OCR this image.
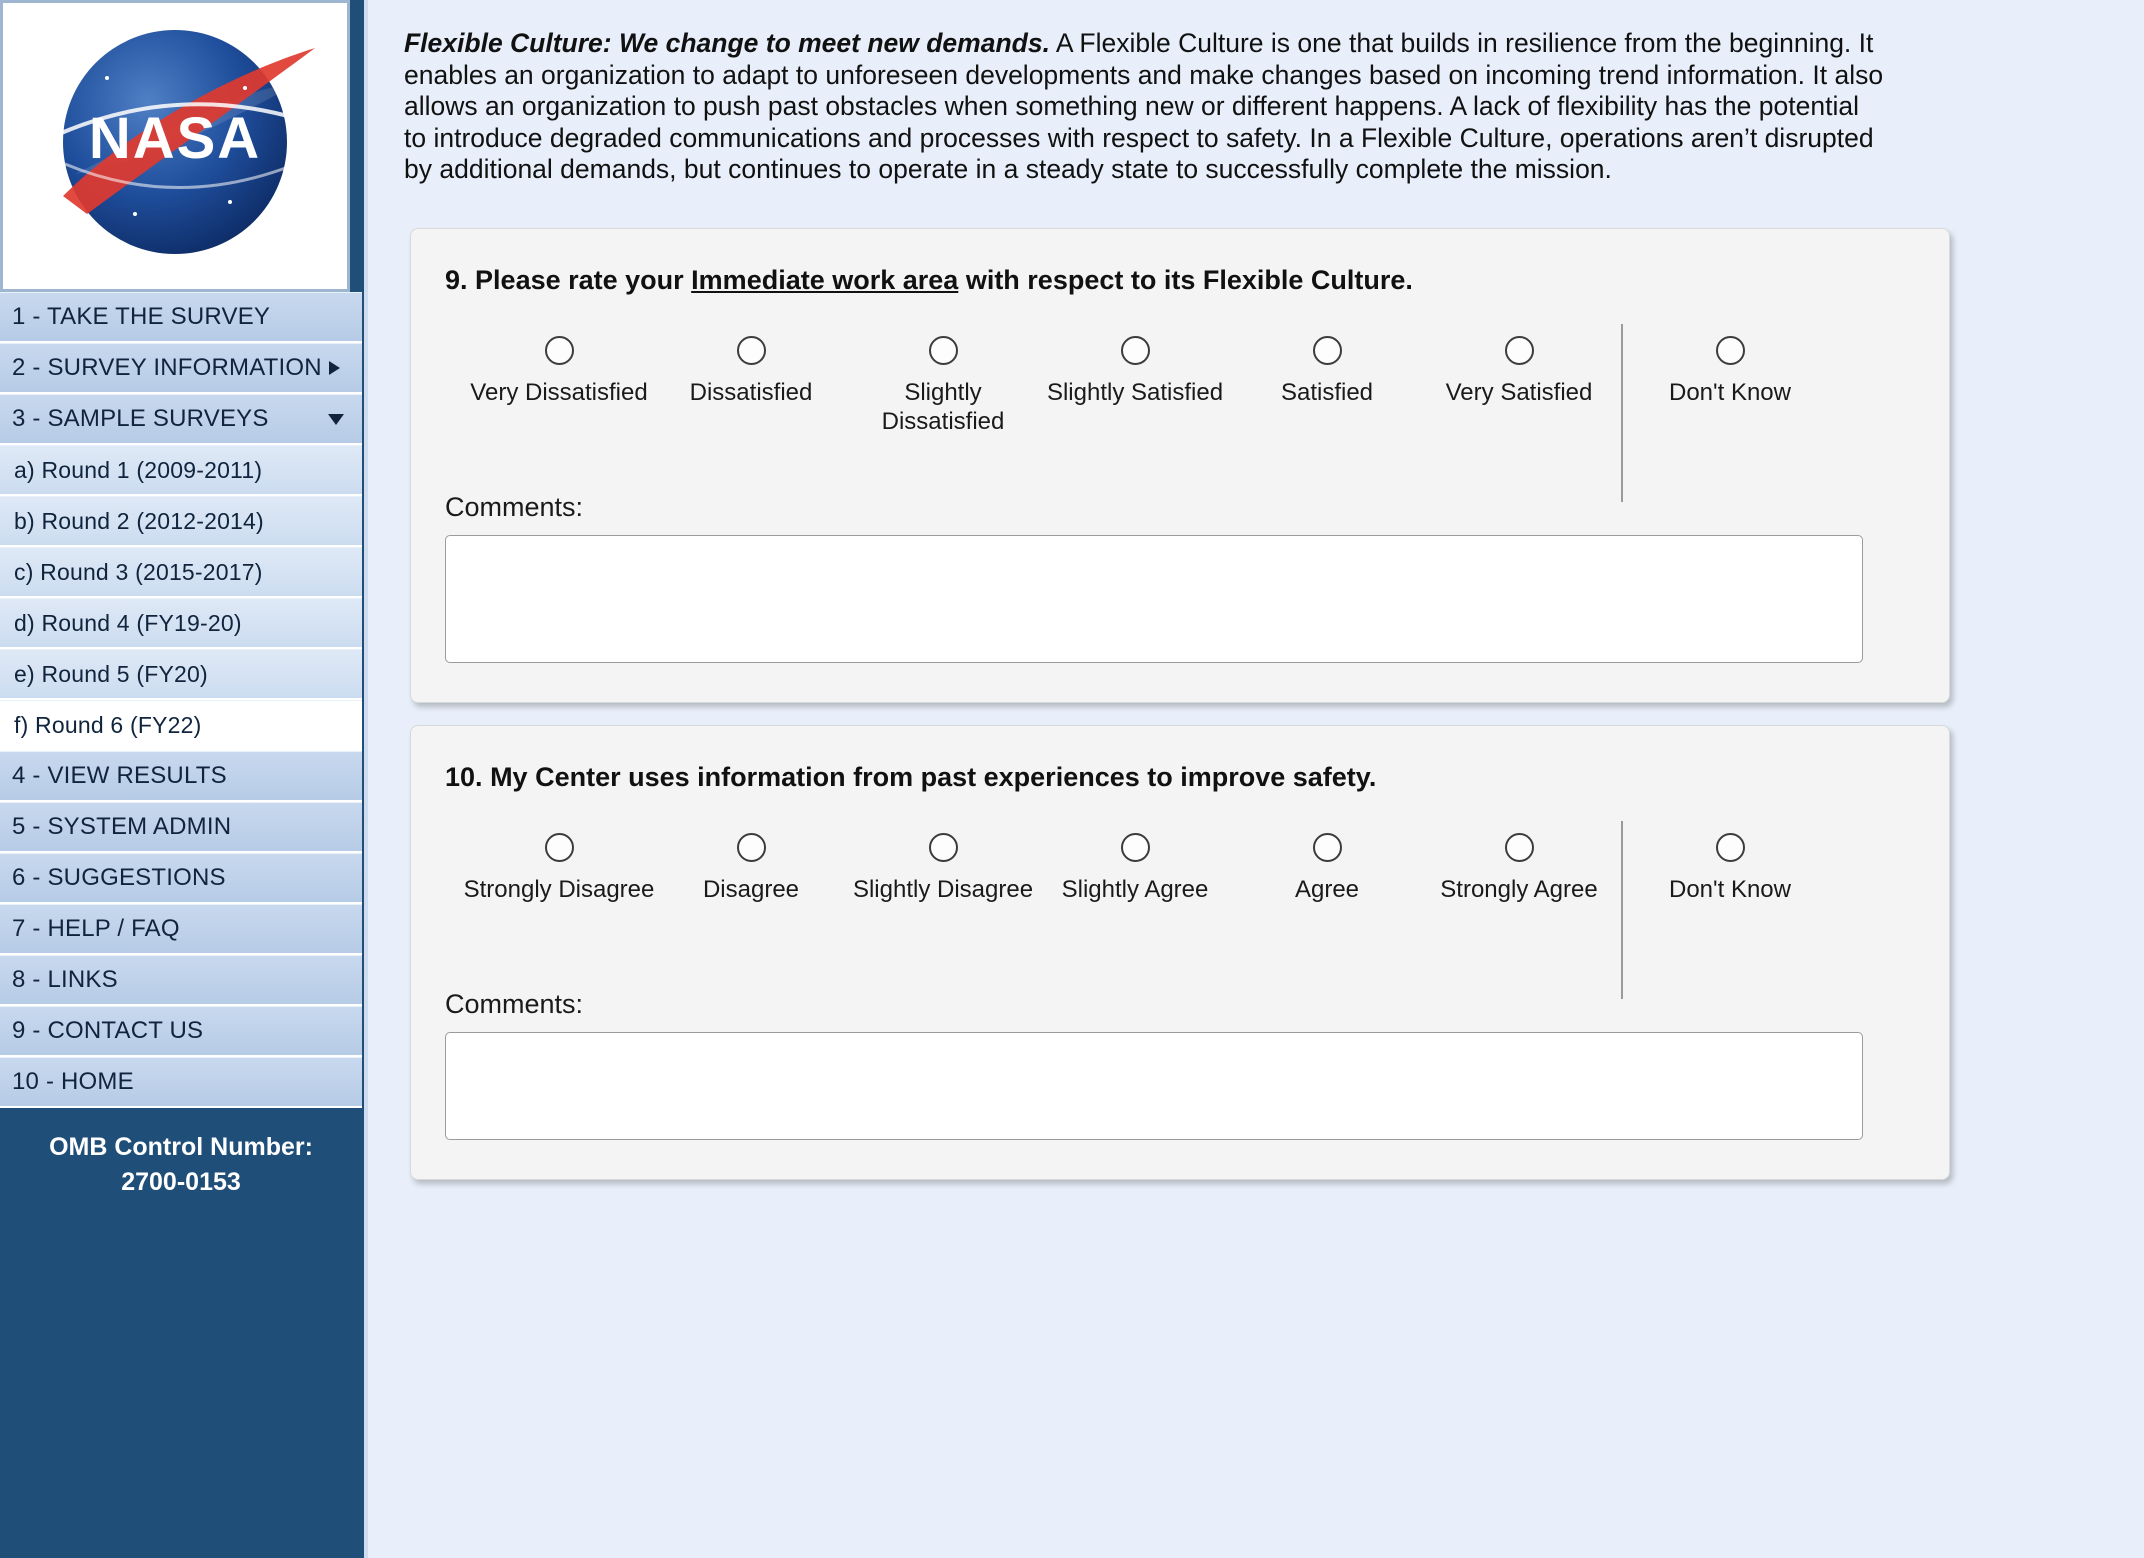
NASA
1 - TAKE THE SURVEY
2 - SURVEY INFORMATION
3 - SAMPLE SURVEYS
a) Round 1 (2009-2011)
b) Round 2 (2012-2014)
c) Round 3 (2015-2017)
d) Round 4 (FY19-20)
e) Round 5 (FY20)
f) Round 6 (FY22)
4 - VIEW RESULTS
5 - SYSTEM ADMIN
6 - SUGGESTIONS
7 - HELP / FAQ
8 - LINKS
9 - CONTACT US
10 - HOME
OMB Control Number:
2700-0153
Flexible Culture: We change to meet new demands. A Flexible Culture is one that builds in resilience from the beginning. It enables an organization to adapt to unforeseen developments and make changes based on incoming trend information. It also allows an organization to push past obstacles when something new or different happens. A lack of flexibility has the potential to introduce degraded communications and processes with respect to safety. In a Flexible Culture, operations aren’t disrupted by additional demands, but continues to operate in a steady state to successfully complete the mission.
9. Please rate your Immediate work area with respect to its Flexible Culture.
Very Dissatisfied Dissatisfied	Slightly Dissatisfied
Slightly Satisfied Satisfied	Very Satisfied	Don't Know
Comments:
10. My Center uses information from past experiences to improve safety.
Strongly Disagree Disagree Slightly Disagree Slightly Agree	Agree	Strongly Agree	Don't Know
Comments:
